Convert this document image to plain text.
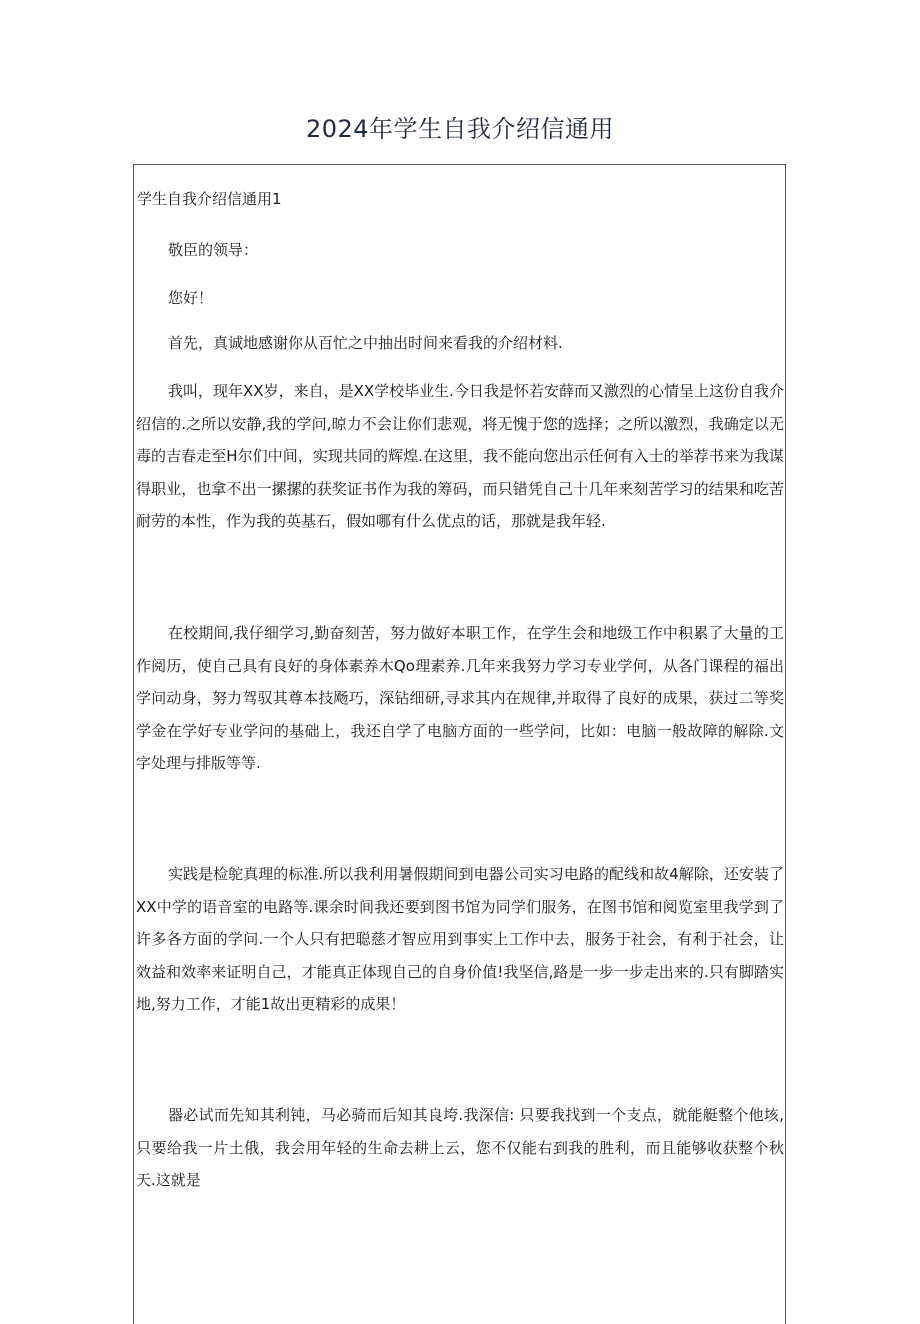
2024年学生自我介绍信通用
学生自我介绍信通用1

敬臣的领导：

您好！

首先，真诚地感谢你从百忙之中抽出时间来看我的介绍材料.

我叫，现年XX岁，来自，是XX学校毕业生.今日我是怀若安薛而又激烈的心情呈上这份自我介绍信的.之所以安静,我的学问,晾力不会让你们悲观，将无愧于您的选择；之所以激烈，我确定以无毒的吉春走至H尔们中间，实现共同的辉煌.在这里，我不能向您出示任何有入士的举荐书来为我谋得职业，也拿不出一摞摞的获奖证书作为我的筹码，而只错凭自己十几年来刻苦学习的结果和吃苦耐劳的本性，作为我的英基石，假如哪有什么优点的话，那就是我年轻.

在校期间,我仔细学习,勤奋刻苦，努力做好本职工作，在学生会和地级工作中积累了大量的工作阅历，使自己具有良好的身体素养木Qo理素养.几年来我努力学习专业学何，从各门课程的福出学问动身，努力驾驭其尊本技飏巧，深钻细研,寻求其内在规律,并取得了良好的成果，获过二等奖学金在学好专业学问的基础上，我还自学了电脑方面的一些学问，比如：电脑一般故障的解除.文字处理与排版等等.

实践是检鸵真理的标准.所以我利用暑假期间到电器公司实习电路的配线和故4解除，还安装了XX中学的语音室的电路等.课余时间我还要到图书馆为同学们服务，在图书馆和阅览室里我学到了许多各方面的学问.一个人只有把聪慈才智应用到事实上工作中去，服务于社会，有利于社会，让效益和效率来证明自己，才能真正体现自己的自身价值!我坚信,路是一步一步走出来的.只有脚踏实地,努力工作，才能1故出更精彩的成果！

器必试而先知其利钝，马必骑而后知其良垮.我深信: 只要我找到一个支点，就能艇整个他垓,只要给我一片土俄，我会用年轻的生命去耕上云，您不仅能右到我的胜利，而且能够收获整个秋天.这就是
